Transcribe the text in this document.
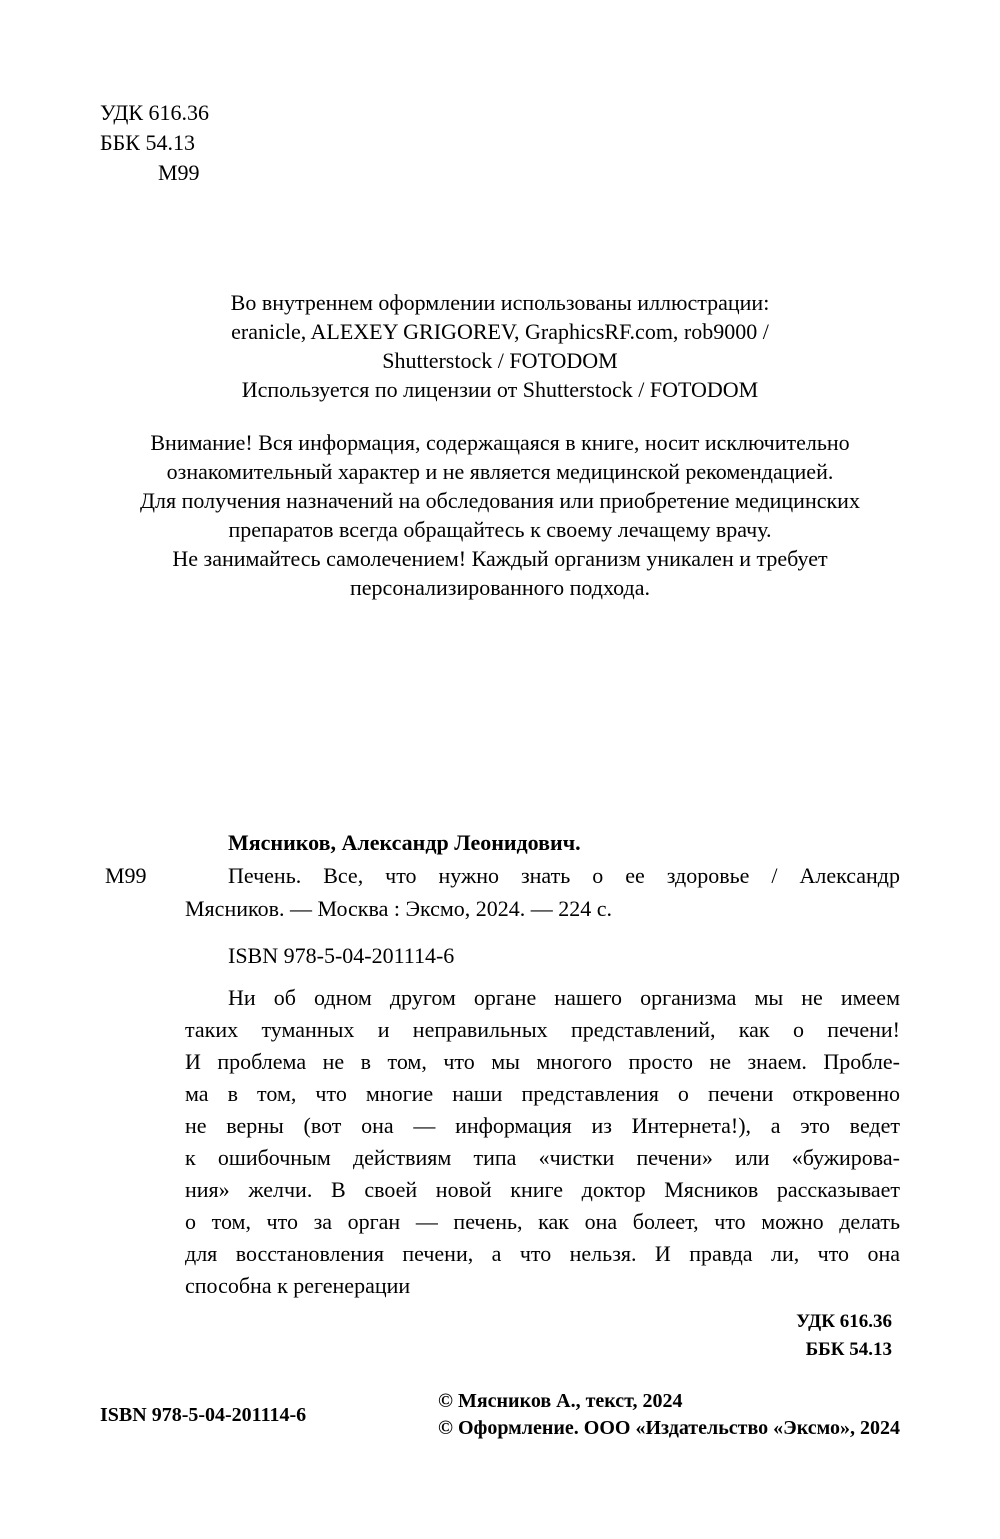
УДК 616.36
ББК 54.13
М99
Во внутреннем оформлении использованы иллюстрации:
eranicle, ALEXEY GRIGOREV, GraphicsRF.com, rob9000 /
Shutterstock / FOTODOM
Используется по лицензии от Shutterstock / FOTODOM
Внимание! Вся информация, содержащаяся в книге, носит исключительно
ознакомительный характер и не является медицинской рекомендацией.
Для получения назначений на обследования или приобретение медицинских
препаратов всегда обращайтесь к своему лечащему врачу.
Не занимайтесь самолечением! Каждый организм уникален и требует
персонализированного подхода.
М99
Мясников, Александр Леонидович.
Печень. Все, что нужно знать о ее здоровье / Александр
Мясников. — Москва : Эксмо, 2024. — 224 с.
ISBN 978-5-04-201114-6
Ни об одном другом органе нашего организма мы не имеем
таких туманных и неправильных представлений, как о печени!
И проблема не в том, что мы многого просто не знаем. Пробле-
ма в том, что многие наши представления о печени откровенно
не верны (вот она — информация из Интернета!), а это ведет
к ошибочным действиям типа «чистки печени» или «бужирова-
ния» желчи. В своей новой книге доктор Мясников рассказывает
о том, что за орган — печень, как она болеет, что можно делать
для восстановления печени, а что нельзя. И правда ли, что она
способна к регенерации
УДК 616.36
ББК 54.13
ISBN 978-5-04-201114-6
© Мясников А., текст, 2024
© Оформление. ООО «Издательство «Эксмо», 2024
